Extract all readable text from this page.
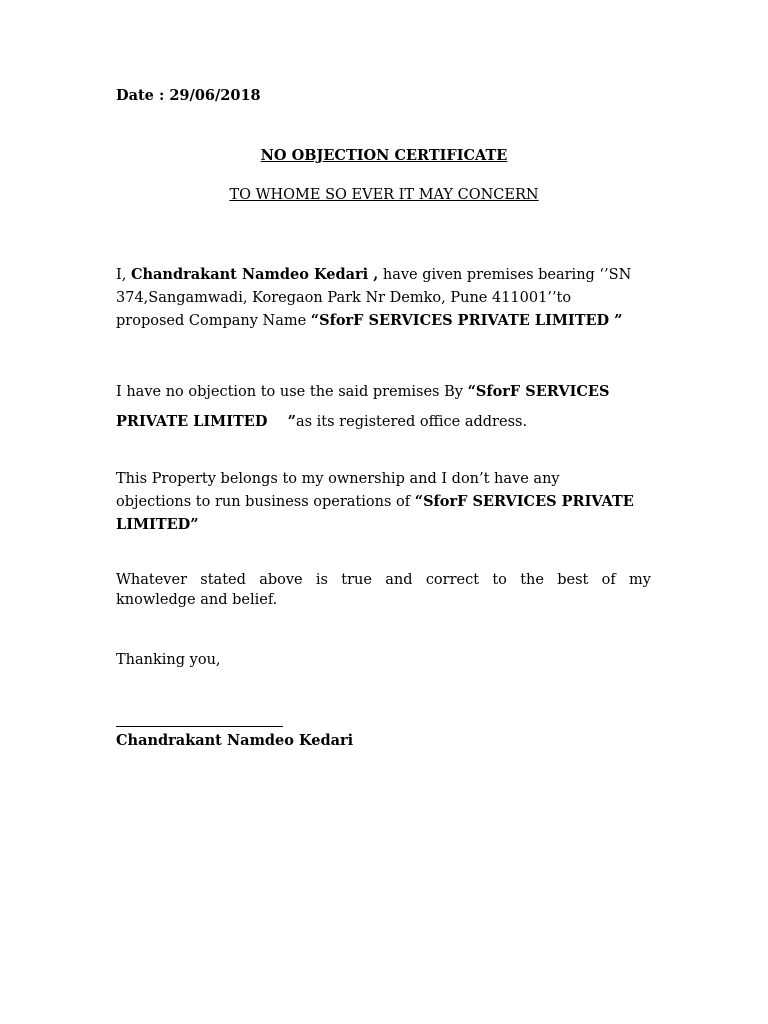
Date : 29/06/2018
NO OBJECTION CERTIFICATE
TO WHOME SO EVER IT MAY CONCERN
I, Chandrakant Namdeo Kedari , have given premises bearing ‘’SN
374,Sangamwadi, Koregaon Park Nr Demko, Pune 411001’’to
proposed Company Name “SforF SERVICES PRIVATE LIMITED ”
I have no objection to use the said premises By “SforF SERVICES
PRIVATE LIMITED    ”as its registered office address.
This Property belongs to my ownership and I don’t have any
objections to run business operations of “SforF SERVICES PRIVATE
LIMITED”
Whatever stated above is true and correct to the best of my
knowledge and belief.
Thanking you,
Chandrakant Namdeo Kedari
